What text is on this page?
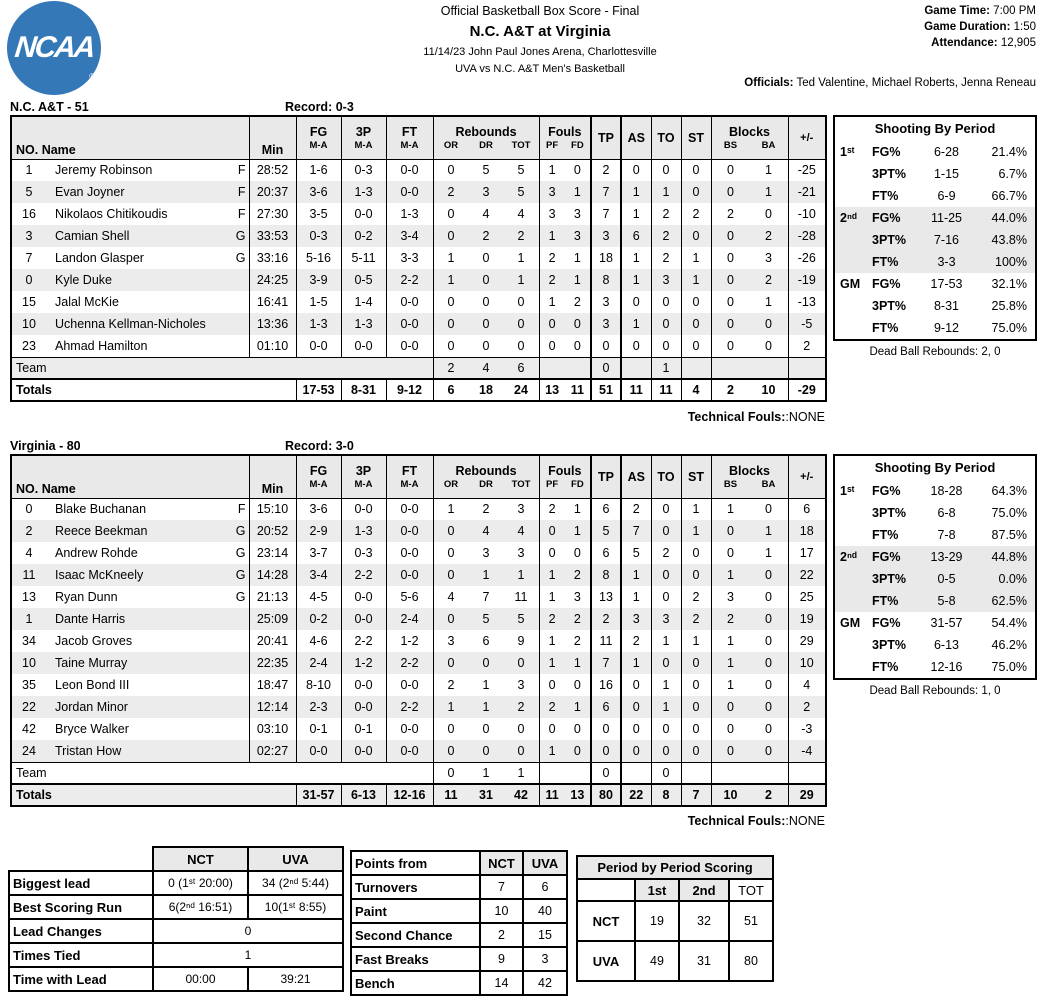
NCAA
®
Official Basketball Box Score - Final
N.C. A&T at Virginia
11/14/23 John Paul Jones Arena, Charlottesville
UVA vs N.C. A&T Men's Basketball
Game Time: 7:00 PM
Game Duration: 1:50
Attendance: 12,905
Officials: Ted Valentine, Michael Roberts, Jenna Reneau
N.C. A&T - 51	Record: 0-3
NO. Name	Min	FG	3P	FT	Rebounds	Fouls	TP	AS	TO	ST	Blocks	+/-
		M-A	M-A	M-A	OR DR TOT	PF FD					BS BA	
1 Jeremy Robinson F	28:52	1-6	0-3	0-0	0 5 5	1 0	2	0	0	0	0 1	-25
5 Evan Joyner F	20:37	3-6	1-3	0-0	2 3 5	3 1	7	1	1	0	0 1	-21
16 Nikolaos Chitikoudis F	27:30	3-5	0-0	1-3	0 4 4	3 3	7	1	2	2	2 0	-10
3 Camian Shell G	33:53	0-3	0-2	3-4	0 2 2	1 3	3	6	2	0	0 2	-28
7 Landon Glasper G	33:16	5-16	5-11	3-3	1 0 1	2 1	18	1	2	1	0 3	-26
0 Kyle Duke	24:25	3-9	0-5	2-2	1 0 1	2 1	8	1	3	1	0 2	-19
15 Jalal McKie	16:41	1-5	1-4	0-0	0 0 0	1 2	3	0	0	0	0 1	-13
10 Uchenna Kellman-Nicholes	13:36	1-3	1-3	0-0	0 0 0	0 0	3	1	0	0	0 0	-5
23 Ahmad Hamilton	01:10	0-0	0-0	0-0	0 0 0	0 0	0	0	0	0	0 0	2
Team					2 4 6		0		1			
Totals		17-53	8-31	9-12	6 18 24	13 11	51	11	11	4	2 10	-29
Shooting By Period
1ˢᵗ	FG%	6-28	21.4%
3PT%	1-15	6.7%
FT%	6-9	66.7%
2ⁿᵈ	FG%	11-25	44.0%
3PT%	7-16	43.8%
FT%	3-3	100%
GM FG%	17-53	32.1%
3PT%	8-31	25.8%
FT%	9-12	75.0%
Dead Ball Rebounds: 2, 0
Technical Fouls::NONE
Virginia - 80	Record: 3-0
NO. Name	Min	FG	3P	FT	Rebounds	Fouls	TP	AS	TO	ST	Blocks	+/-
		M-A	M-A	M-A	OR DR TOT	PF FD					BS BA	
0 Blake Buchanan F	15:10	3-6	0-0	0-0	1 2 3	2 1	6	2	0	1	1 0	6
2 Reece Beekman G	20:52	2-9	1-3	0-0	0 4 4	0 1	5	7	0	1	0 1	18
4 Andrew Rohde G	23:14	3-7	0-3	0-0	0 3 3	0 0	6	5	2	0	0 1	17
11 Isaac McKneely G	14:28	3-4	2-2	0-0	0 1 1	1 2	8	1	0	0	1 0	22
13 Ryan Dunn G	21:13	4-5	0-0	5-6	4 7 11	1 3	13	1	0	2	3 0	25
1 Dante Harris	25:09	0-2	0-0	2-4	0 5 5	2 2	2	3	3	2	2 0	19
34 Jacob Groves	20:41	4-6	2-2	1-2	3 6 9	1 2	11	2	1	1	1 0	29
10 Taine Murray	22:35	2-4	1-2	2-2	0 0 0	1 1	7	1	0	0	1 0	10
35 Leon Bond III	18:47	8-10	0-0	0-0	2 1 3	0 0	16	0	1	0	1 0	4
22 Jordan Minor	12:14	2-3	0-0	2-2	1 1 2	2 1	6	0	1	0	0 0	2
42 Bryce Walker	03:10	0-1	0-1	0-0	0 0 0	0 0	0	0	0	0	0 0	-3
24 Tristan How	02:27	0-0	0-0	0-0	0 0 0	1 0	0	0	0	0	0 0	-4
Team					0 1 1		0		0			
Totals		31-57	6-13	12-16	11 31 42	11 13	80	22	8	7	10 2	29
Shooting By Period
1ˢᵗ	FG%	18-28	64.3%
3PT%	6-8	75.0%
FT%	7-8	87.5%
2ⁿᵈ	FG%	13-29	44.8%
3PT%	0-5	0.0%
FT%	5-8	62.5%
GM FG%	31-57	54.4%
3PT%	6-13	46.2%
FT%	12-16	75.0%
Dead Ball Rebounds: 1, 0
Technical Fouls::NONE
	NCT	UVA
Biggest lead	0 (1ˢᵗ 20:00)	34 (2ⁿᵈ 5:44)
Best Scoring Run	6(2ⁿᵈ 16:51)	10(1ˢᵗ 8:55)
Lead Changes	0	
Times Tied	1	
Time with Lead	00:00	39:21
Points from	NCT	UVA
Turnovers	7	6
Paint	10	40
Second Chance	2	15
Fast Breaks	9	3
Bench	14	42
Period by Period Scoring			
	1st	2nd	TOT
NCT	19	32	51
UVA	49	31	80
